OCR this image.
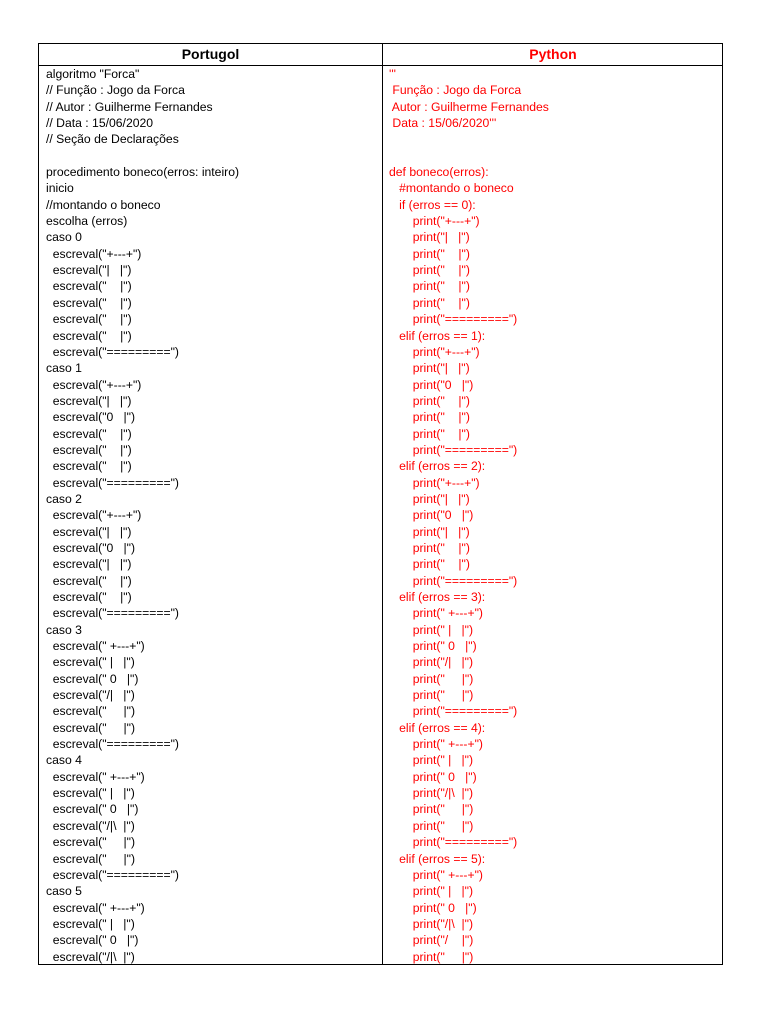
Portugol	Python
algoritmo "Forca"
// Função : Jogo da Forca
// Autor : Guilherme Fernandes
// Data : 15/06/2020
// Seção de Declarações
procedimento boneco(erros: inteiro)
inicio
//montando o boneco
escolha (erros)
caso 0
escreval("+---+")
escreval("|   |")
escreval("    |")
escreval("    |")
escreval("    |")
escreval("    |")
escreval("=========")
caso 1
escreval("+---+")
escreval("|   |")
escreval("0   |")
escreval("    |")
escreval("    |")
escreval("    |")
escreval("=========")
caso 2
escreval("+---+")
escreval("|   |")
escreval("0   |")
escreval("|   |")
escreval("    |")
escreval("    |")
escreval("=========")
caso 3
escreval(" +---+")
escreval(" |   |")
escreval(" 0   |")
escreval("/|   |")
escreval("     |")
escreval("     |")
escreval("=========")
caso 4
escreval(" +---+")
escreval(" |   |")
escreval(" 0   |")
escreval("/|\  |")
escreval("     |")
escreval("     |")
escreval("=========")
caso 5
escreval(" +---+")
escreval(" |   |")
escreval(" 0   |")
escreval("/|\  |")
'''
Função : Jogo da Forca
Autor : Guilherme Fernandes
Data : 15/06/2020'''
def boneco(erros):
#montando o boneco
if (erros == 0):
print("+---+")
print("|   |")
print("    |")
print("    |")
print("    |")
print("    |")
print("=========")
elif (erros == 1):
print("+---+")
print("|   |")
print("0   |")
print("    |")
print("    |")
print("    |")
print("=========")
elif (erros == 2):
print("+---+")
print("|   |")
print("0   |")
print("|   |")
print("    |")
print("    |")
print("=========")
elif (erros == 3):
print(" +---+")
print(" |   |")
print(" 0   |")
print("/|   |")
print("     |")
print("     |")
print("=========")
elif (erros == 4):
print(" +---+")
print(" |   |")
print(" 0   |")
print("/|\  |")
print("     |")
print("     |")
print("=========")
elif (erros == 5):
print(" +---+")
print(" |   |")
print(" 0   |")
print("/|\  |")
print("/    |")
print("     |")
